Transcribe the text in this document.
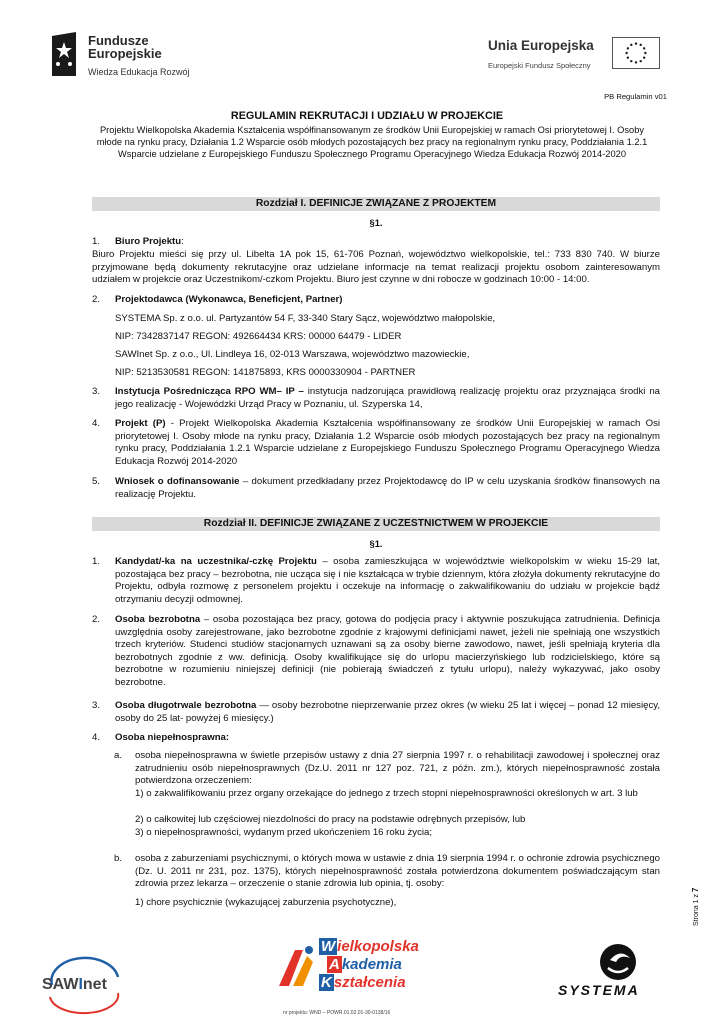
Fundusze
Europejskie
Wiedza Edukacja Rozwój
Unia Europejska
Europejski Fundusz Społeczny
PB Regulamin v01
REGULAMIN REKRUTACJI I UDZIAŁU W PROJEKCIE
Projektu Wielkopolska Akademia Kształcenia współfinansowanym ze środków Unii Europejskiej w ramach Osi priorytetowej I. Osoby młode na rynku pracy, Działania 1.2 Wsparcie osób młodych pozostających bez pracy na regionalnym rynku pracy, Poddziałania 1.2.1 Wsparcie udzielane z Europejskiego Funduszu Społecznego Programu Operacyjnego Wiedza Edukacja Rozwój 2014-2020
Rozdział I. DEFINICJE ZWIĄZANE Z PROJEKTEM
§1.
1. Biuro Projektu:
Biuro Projektu mieści się przy ul. Libelta 1A pok 15, 61-706 Poznań, województwo wielkopolskie, tel.: 733 830 740. W biurze przyjmowane będą dokumenty rekrutacyjne oraz udzielane informacje na temat realizacji projektu osobom zainteresowanym udziałem w projekcie oraz Uczestnikom/-czkom Projektu. Biuro jest czynne w dni robocze w godzinach 10:00 - 14:00.
2. Projektodawca (Wykonawca, Beneficjent, Partner)
SYSTEMA Sp. z o.o. ul. Partyzantów 54 F, 33-340 Stary Sącz, województwo małopolskie,
NIP: 7342837147 REGON: 492664434 KRS: 00000 64479 - LIDER
SAWInet Sp. z o.o., Ul. Lindleya 16, 02-013 Warszawa, województwo mazowieckie,
NIP: 5213530581 REGON: 141875893, KRS 0000330904 - PARTNER
3. Instytucja Pośrednicząca RPO WM– IP – instytucja nadzorująca prawidłową realizację projektu oraz przyznająca środki na jego realizację - Wojewódzki Urząd Pracy w Poznaniu, ul. Szyperska 14,
4. Projekt (P) - Projekt Wielkopolska Akademia Kształcenia współfinansowany ze środków Unii Europejskiej w ramach Osi priorytetowej I. Osoby młode na rynku pracy, Działania 1.2 Wsparcie osób młodych pozostających bez pracy na regionalnym rynku pracy, Poddziałania 1.2.1 Wsparcie udzielane z Europejskiego Funduszu Społecznego Programu Operacyjnego Wiedza Edukacja Rozwój 2014-2020
5. Wniosek o dofinansowanie – dokument przedkładany przez Projektodawcę do IP w celu uzyskania środków finansowych na realizację Projektu.
Rozdział II. DEFINICJE ZWIĄZANE Z UCZESTNICTWEM W PROJEKCIE
§1.
1. Kandydat/-ka na uczestnika/-czkę Projektu – osoba zamieszkująca w województwie wielkopolskim w wieku 15-29 lat, pozostająca bez pracy – bezrobotna, nie ucząca się i nie kształcąca w trybie dziennym, która złożyła dokumenty rekrutacyjne do Projektu, odbyła rozmowę z personelem projektu i oczekuje na informację o zakwalifikowaniu do udziału w projekcie bądź otrzymaniu decyzji odmownej.
2. Osoba bezrobotna – osoba pozostająca bez pracy, gotowa do podjęcia pracy i aktywnie poszukująca zatrudnienia. Definicja uwzględnia osoby zarejestrowane, jako bezrobotne zgodnie z krajowymi definicjami nawet, jeżeli nie spełniają one wszystkich trzech kryteriów. Studenci studiów stacjonarnych uznawani są za osoby bierne zawodowo, nawet, jeśli spełniają kryteria dla bezrobotnych zgodnie z ww. definicją. Osoby kwalifikujące się do urlopu macierzyńskiego lub rodzicielskiego, które są bezrobotne w rozumieniu niniejszej definicji (nie pobierają świadczeń z tytułu urlopu), należy wykazywać, jako osoby bezrobotne.
3. Osoba długotrwale bezrobotna — osoby bezrobotne nieprzerwanie przez okres (w wieku 25 lat i więcej – ponad 12 miesięcy, osoby do 25 lat- powyżej 6 miesięcy.)
4. Osoba niepełnosprawna:
a. osoba niepełnosprawna w świetle przepisów ustawy z dnia 27 sierpnia 1997 r. o rehabilitacji zawodowej i społecznej oraz zatrudnieniu osób niepełnosprawnych (Dz.U. 2011 nr 127 poz. 721, z późn. zm.), których niepełnosprawność została potwierdzona orzeczeniem:
1) o zakwalifikowaniu przez organy orzekające do jednego z trzech stopni niepełnosprawności określonych w art. 3 lub
2) o całkowitej lub częściowej niezdolności do pracy na podstawie odrębnych przepisów, lub
3) o niepełnosprawności, wydanym przed ukończeniem 16 roku życia;
b. osoba z zaburzeniami psychicznymi, o których mowa w ustawie z dnia 19 sierpnia 1994 r. o ochronie zdrowia psychicznego (Dz. U. 2011 nr 231, poz. 1375), których niepełnosprawność została potwierdzona dokumentem poświadczającym stan zdrowia przez lekarza – orzeczenie o stanie zdrowia lub opinia, tj. osoby:
1) chore psychicznie (wykazującej zaburzenia psychotyczne),
Strona 1 z 7
SAWInet
W ielkopolska
A kademia
K ształcenia
nr projektu: WND – POWR.01.02.01-30-0138/16
SYSTEMA
